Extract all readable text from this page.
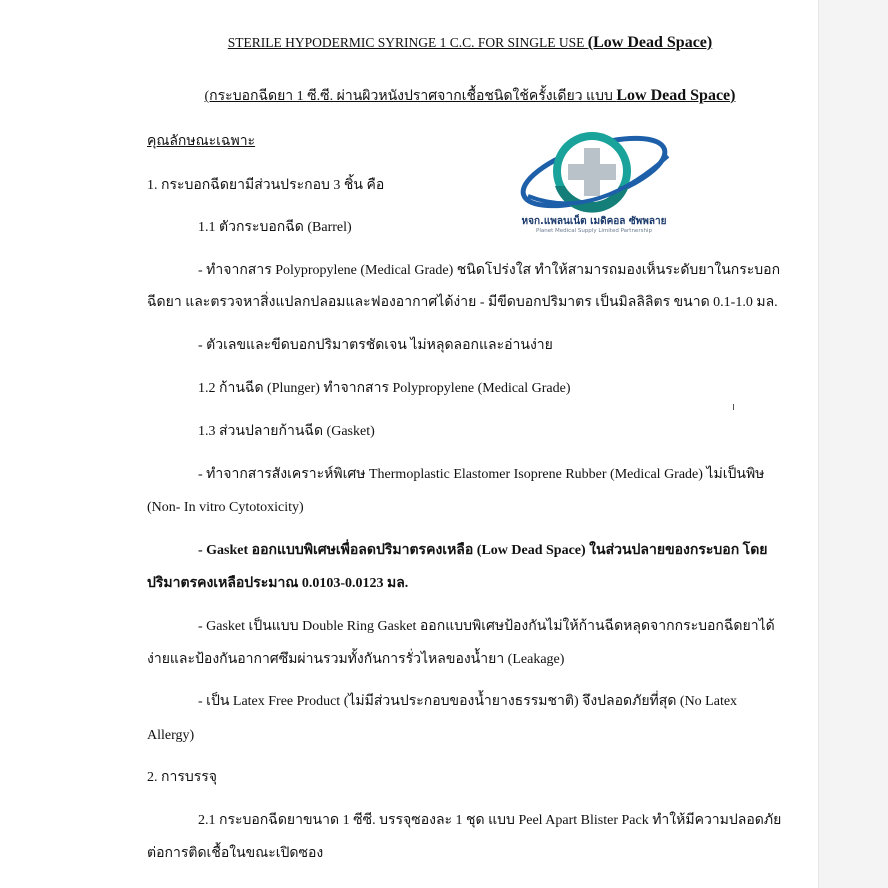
STERILE HYPODERMIC SYRINGE 1 C.C. FOR SINGLE USE (Low Dead Space)
(กระบอกฉีดยา 1 ซี.ซี. ผ่านผิวหนังปราศจากเชื้อชนิดใช้ครั้งเดียว แบบ Low Dead Space)
คุณลักษณะเฉพาะ
หจก.แพลนเน็ต เมดิคอล ซัพพลาย
Planet Medical Supply Limited Partnership
1. กระบอกฉีดยามีส่วนประกอบ 3 ชิ้น คือ
1.1 ตัวกระบอกฉีด (Barrel)
- ทำจากสาร Polypropylene (Medical Grade) ชนิดโปร่งใส ทำให้สามารถมองเห็นระดับยาในกระบอก
ฉีดยา และตรวจหาสิ่งแปลกปลอมและฟองอากาศได้ง่าย - มีขีดบอกปริมาตร เป็นมิลลิลิตร ขนาด 0.1-1.0 มล.
- ตัวเลขและขีดบอกปริมาตรชัดเจน ไม่หลุดลอกและอ่านง่าย
1.2 ก้านฉีด (Plunger) ทำจากสาร Polypropylene (Medical Grade)
1.3 ส่วนปลายก้านฉีด (Gasket)
- ทำจากสารสังเคราะห์พิเศษ Thermoplastic Elastomer Isoprene Rubber (Medical Grade) ไม่เป็นพิษ
(Non- In vitro Cytotoxicity)
- Gasket ออกแบบพิเศษเพื่อลดปริมาตรคงเหลือ (Low Dead Space) ในส่วนปลายของกระบอก โดย
ปริมาตรคงเหลือประมาณ 0.0103-0.0123 มล.
- Gasket เป็นแบบ Double Ring Gasket ออกแบบพิเศษป้องกันไม่ให้ก้านฉีดหลุดจากกระบอกฉีดยาได้
ง่ายและป้องกันอากาศซึมผ่านรวมทั้งกันการรั่วไหลของน้ำยา (Leakage)
- เป็น Latex Free Product (ไม่มีส่วนประกอบของน้ำยางธรรมชาติ) จึงปลอดภัยที่สุด (No Latex
Allergy)
2. การบรรจุ
2.1 กระบอกฉีดยาขนาด 1 ซีซี. บรรจุซองละ 1 ชุด แบบ Peel Apart Blister Pack ทำให้มีความปลอดภัย
ต่อการติดเชื้อในขณะเปิดซอง
